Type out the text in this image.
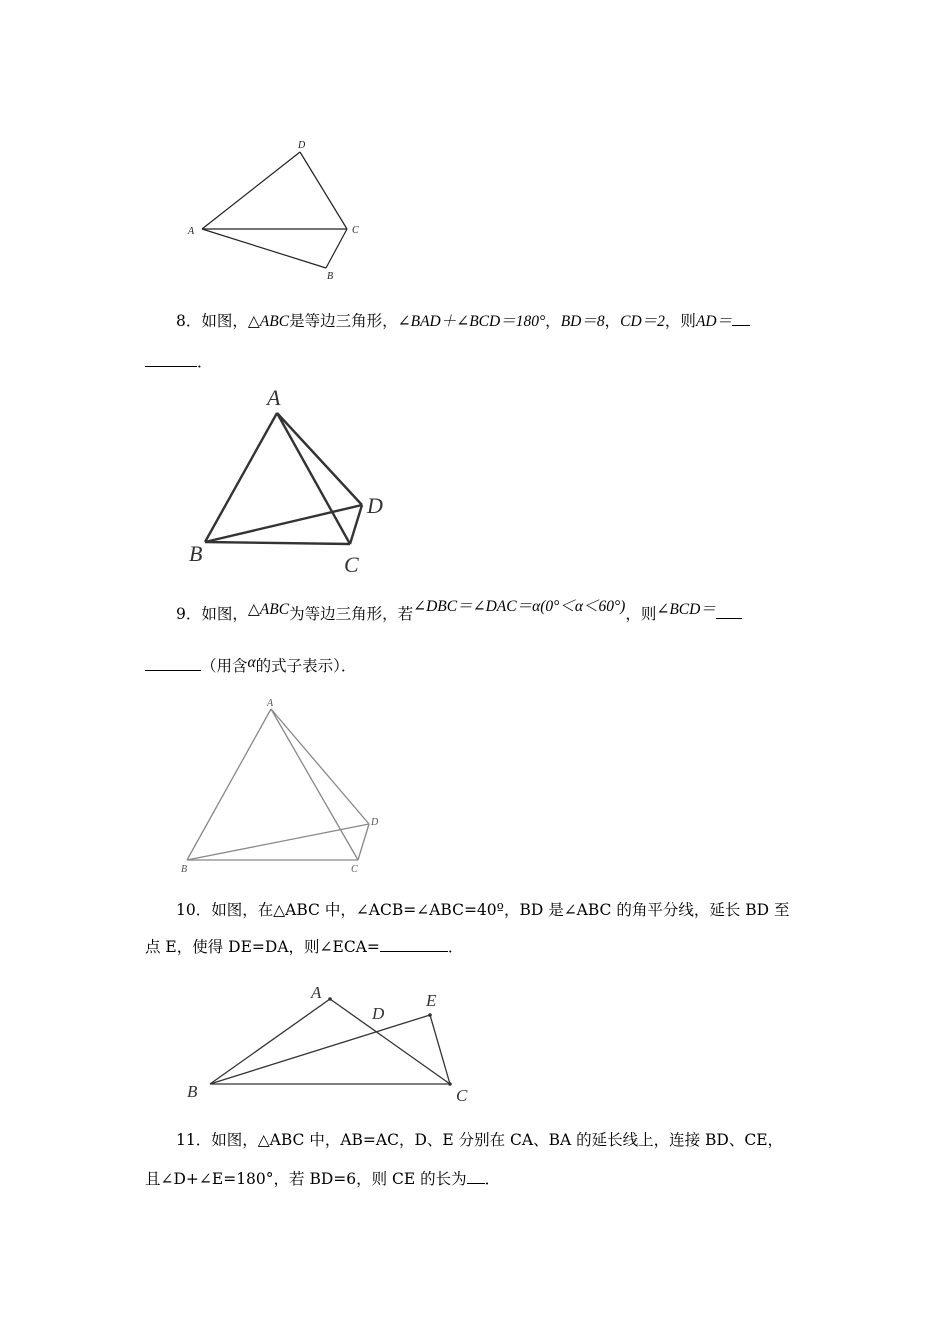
A
B
C
D
8．如图，△ABC是等边三角形，∠BAD＋∠BCD＝180°，BD＝8，CD＝2，则AD＝
．
A
B	C
D
9．如图，△ABC为等边三角形，若∠DBC＝∠DAC＝α(0°＜α＜60°)，则∠BCD＝
（用含α的式子表示）．
A
B	C
D
10．如图，在△ABC 中，∠ACB=∠ABC=40º，BD 是∠ABC 的角平分线，延长 BD 至
点 E，使得 DE=DA，则∠ECA=	．
A
B	C
D
E
11．如图，△ABC 中，AB=AC，D、E 分别在 CA、BA 的延长线上，连接 BD、CE，
且∠D+∠E=180°，若 BD=6，则 CE 的长为 ．
